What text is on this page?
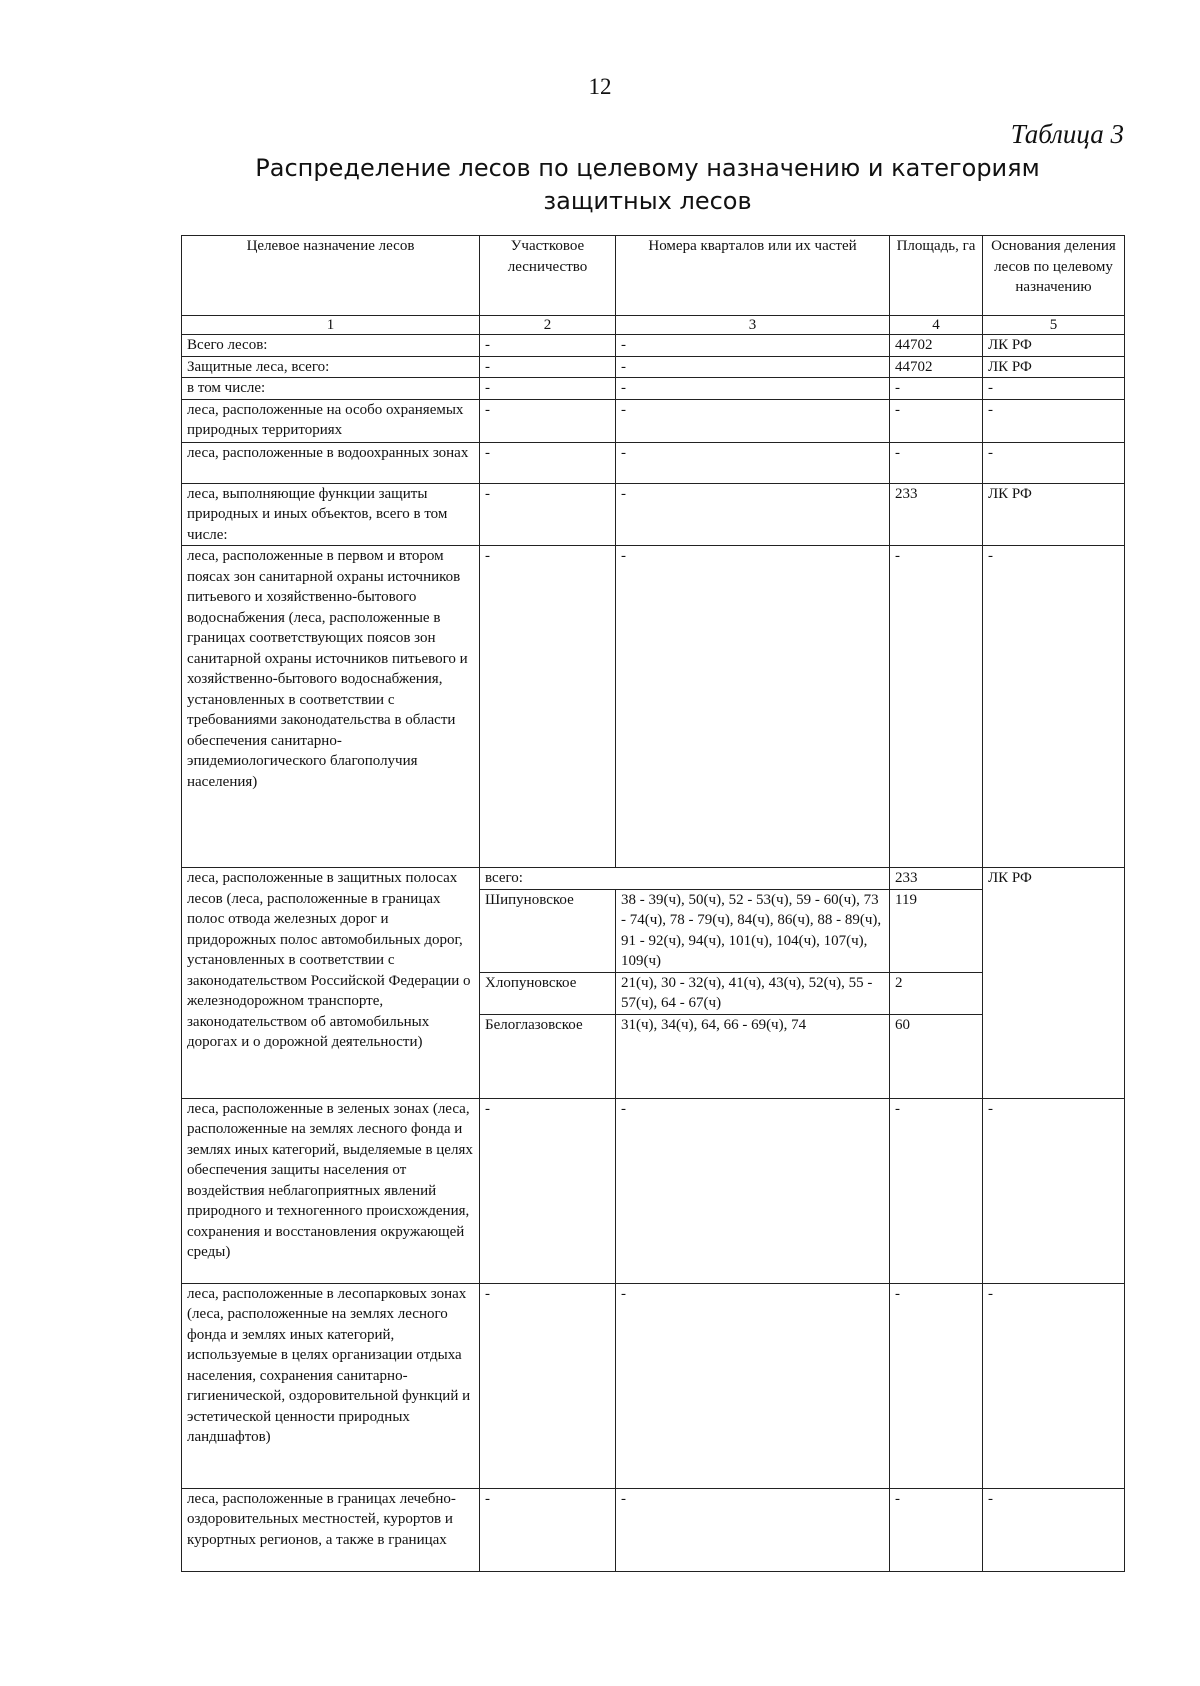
12
Таблица 3
Распределение лесов по целевому назначению и категориям
защитных лесов
Целевое назначение лесов	Участковое лесничество	Номера кварталов или их частей	Площадь, га	Основания деления лесов по целевому назначению
1	2	3	4	5
Всего лесов:	-	-	44702	ЛК РФ
Защитные леса, всего:	-	-	44702	ЛК РФ
в том числе:	-	-	-	-
леса, расположенные на особо охраняемых природных территориях	-	-	-	-
леса, расположенные в водоохранных зонах	-	-	-	-
леса, выполняющие функции защиты природных и иных объектов, всего в том числе:	-	-	233	ЛК РФ
леса, расположенные в первом и втором поясах зон санитарной охраны источников питьевого и хозяйственно-бытового водоснабжения (леса, расположенные в границах соответствующих поясов зон санитарной охраны источников питьевого и хозяйственно-бытового водоснабжения, установленных в соответствии с требованиями законодательства в области обеспечения санитарно-эпидемиологического благополучия населения)	-	-	-	-
леса, расположенные в защитных полосах лесов (леса, расположенные в границах полос отвода железных дорог и придорожных полос автомобильных дорог, установленных в соответствии с законодательством Российской Федерации о железнодорожном транспорте, законодательством об автомобильных дорогах и о дорожной деятельности)	всего:		233	ЛК РФ
	Шипуновское	38 - 39(ч), 50(ч), 52 - 53(ч), 59 - 60(ч), 73 - 74(ч), 78 - 79(ч), 84(ч), 86(ч), 88 - 89(ч), 91 - 92(ч), 94(ч), 101(ч), 104(ч), 107(ч), 109(ч)	119	
	Хлопуновское	21(ч), 30 - 32(ч), 41(ч), 43(ч), 52(ч), 55 - 57(ч), 64 - 67(ч)	2	
	Белоглазовское	31(ч), 34(ч), 64, 66 - 69(ч), 74	60	
леса, расположенные в зеленых зонах (леса, расположенные на землях лесного фонда и землях иных категорий, выделяемые в целях обеспечения защиты населения от воздействия неблагоприятных явлений природного и техногенного происхождения, сохранения и восстановления окружающей среды)	-	-	-	-
леса, расположенные в лесопарковых зонах (леса, расположенные на землях лесного фонда и землях иных категорий, используемые в целях организации отдыха населения, сохранения санитарно-гигиенической, оздоровительной функций и эстетической ценности природных ландшафтов)	-	-	-	-
леса, расположенные в границах лечебно-оздоровительных местностей, курортов и курортных регионов, а также в границах	-	-	-	-
